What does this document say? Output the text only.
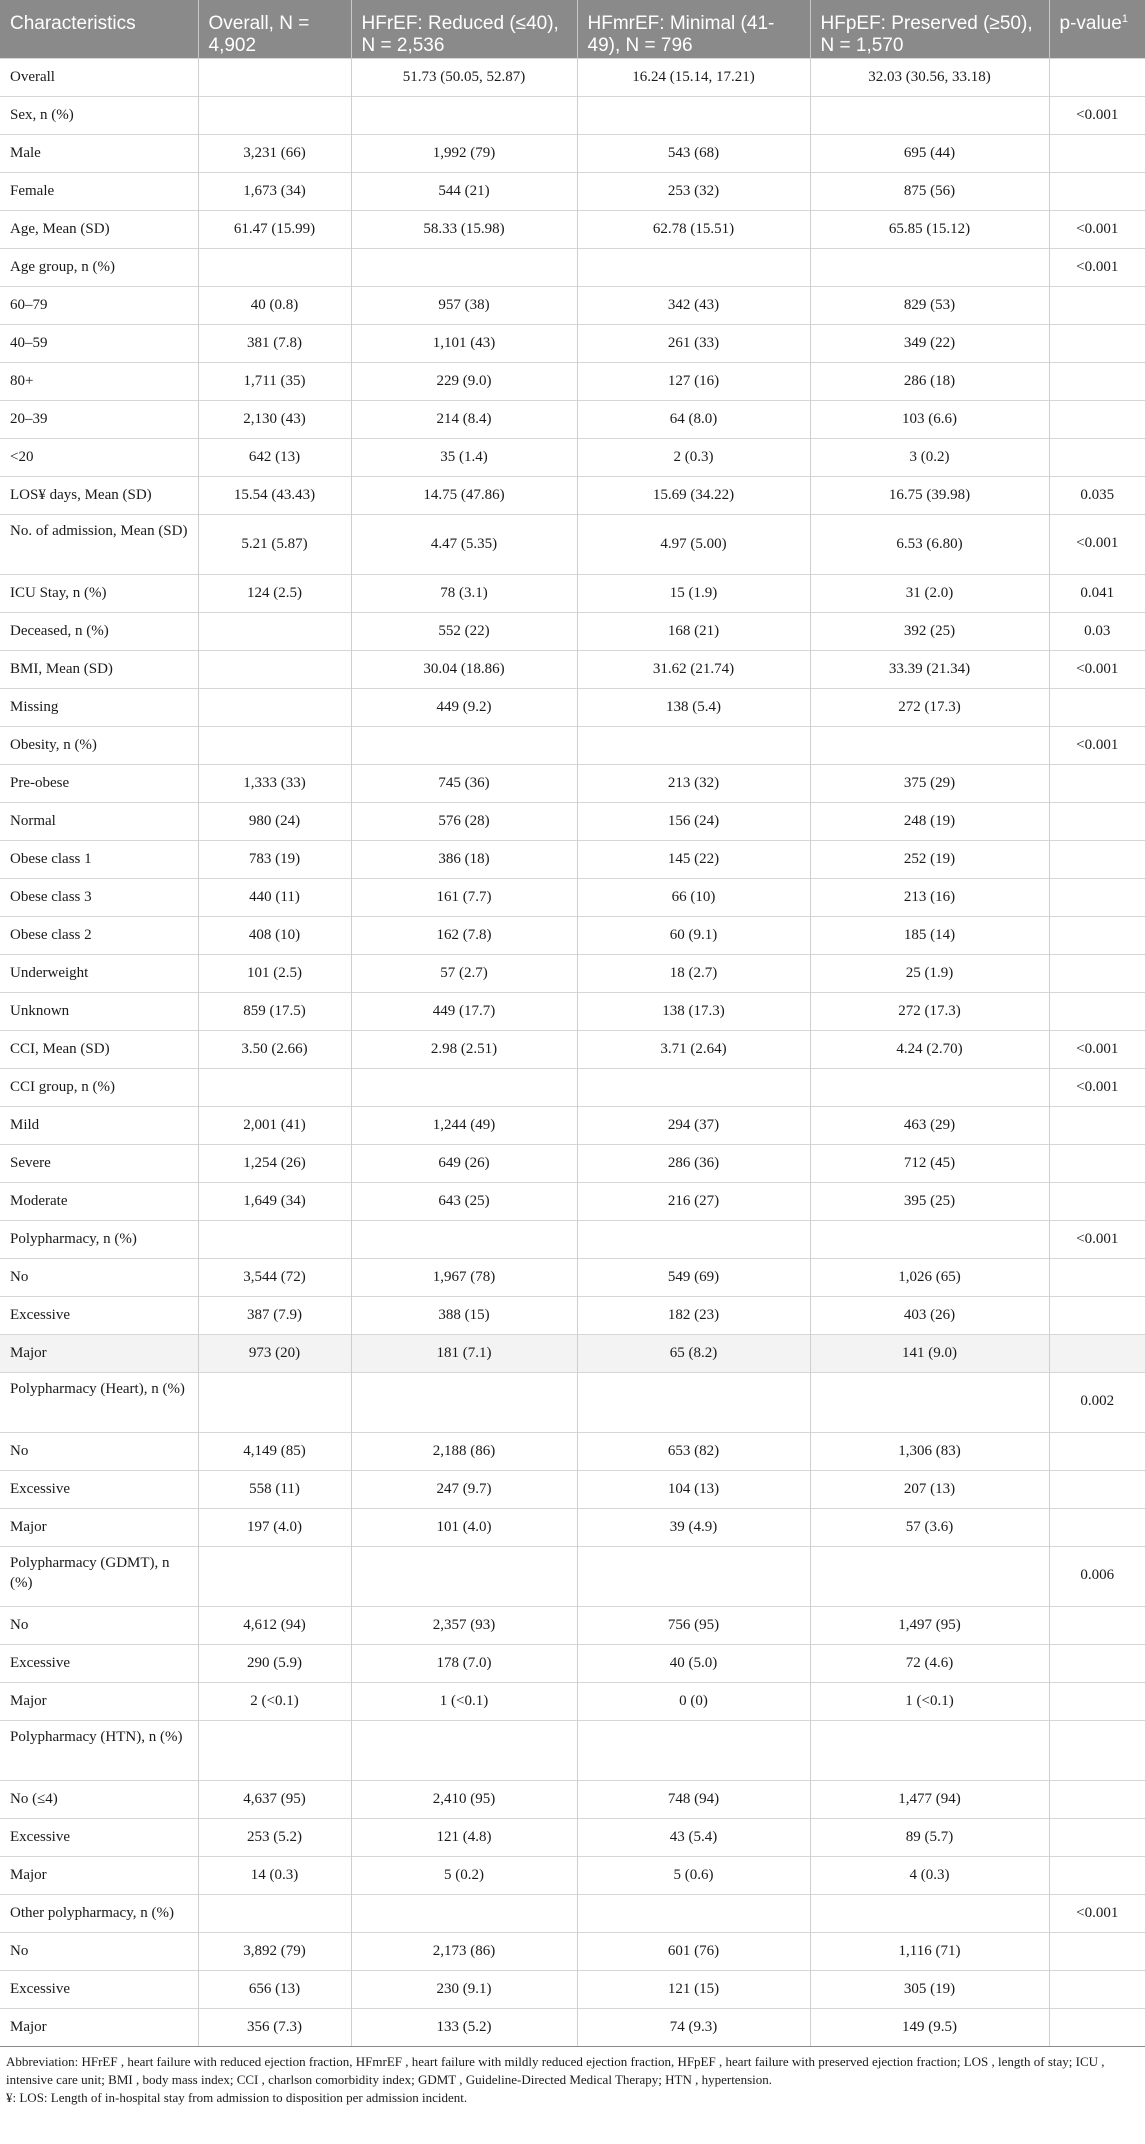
Characteristics	Overall, N = 4,902	HFrEF: Reduced (≤40), N = 2,536	HFmrEF: Minimal (41-49), N = 796	HFpEF: Preserved (≥50), N = 1,570	p-value$^1$
Overall		51.73 (50.05, 52.87)	16.24 (15.14, 17.21)	32.03 (30.56, 33.18)	
Sex, n (%)					<0.001
Male	3,231 (66)	1,992 (79)	543 (68)	695 (44)	
Female	1,673 (34)	544 (21)	253 (32)	875 (56)	
Age, Mean (SD)	61.47 (15.99)	58.33 (15.98)	62.78 (15.51)	65.85 (15.12)	<0.001
Age group, n (%)					<0.001
60–79	40 (0.8)	957 (38)	342 (43)	829 (53)	
40–59	381 (7.8)	1,101 (43)	261 (33)	349 (22)	
80+	1,711 (35)	229 (9.0)	127 (16)	286 (18)	
20–39	2,130 (43)	214 (8.4)	64 (8.0)	103 (6.6)	
<20	642 (13)	35 (1.4)	2 (0.3)	3 (0.2)	
LOS¥ days, Mean (SD)	15.54 (43.43)	14.75 (47.86)	15.69 (34.22)	16.75 (39.98)	0.035
No. of admission, Mean (SD)	5.21 (5.87)	4.47 (5.35)	4.97 (5.00)	6.53 (6.80)	<0.001
ICU Stay, n (%)	124 (2.5)	78 (3.1)	15 (1.9)	31 (2.0)	0.041
Deceased, n (%)		552 (22)	168 (21)	392 (25)	0.03
BMI, Mean (SD)		30.04 (18.86)	31.62 (21.74)	33.39 (21.34)	<0.001
Missing		449 (9.2)	138 (5.4)	272 (17.3)	
Obesity, n (%)					<0.001
Pre-obese	1,333 (33)	745 (36)	213 (32)	375 (29)	
Normal	980 (24)	576 (28)	156 (24)	248 (19)	
Obese class 1	783 (19)	386 (18)	145 (22)	252 (19)	
Obese class 3	440 (11)	161 (7.7)	66 (10)	213 (16)	
Obese class 2	408 (10)	162 (7.8)	60 (9.1)	185 (14)	
Underweight	101 (2.5)	57 (2.7)	18 (2.7)	25 (1.9)	
Unknown	859 (17.5)	449 (17.7)	138 (17.3)	272 (17.3)	
CCI, Mean (SD)	3.50 (2.66)	2.98 (2.51)	3.71 (2.64)	4.24 (2.70)	<0.001
CCI group, n (%)					<0.001
Mild	2,001 (41)	1,244 (49)	294 (37)	463 (29)	
Severe	1,254 (26)	649 (26)	286 (36)	712 (45)	
Moderate	1,649 (34)	643 (25)	216 (27)	395 (25)	
Polypharmacy, n (%)					<0.001
No	3,544 (72)	1,967 (78)	549 (69)	1,026 (65)	
Excessive	387 (7.9)	388 (15)	182 (23)	403 (26)	
Major	973 (20)	181 (7.1)	65 (8.2)	141 (9.0)	
Polypharmacy (Heart), n (%)					0.002
No	4,149 (85)	2,188 (86)	653 (82)	1,306 (83)	
Excessive	558 (11)	247 (9.7)	104 (13)	207 (13)	
Major	197 (4.0)	101 (4.0)	39 (4.9)	57 (3.6)	
Polypharmacy (GDMT), n (%)					0.006
No	4,612 (94)	2,357 (93)	756 (95)	1,497 (95)	
Excessive	290 (5.9)	178 (7.0)	40 (5.0)	72 (4.6)	
Major	2 (<0.1)	1 (<0.1)	0 (0)	1 (<0.1)	
Polypharmacy (HTN), n (%)					
No (≤4)	4,637 (95)	2,410 (95)	748 (94)	1,477 (94)	
Excessive	253 (5.2)	121 (4.8)	43 (5.4)	89 (5.7)	
Major	14 (0.3)	5 (0.2)	5 (0.6)	4 (0.3)	
Other polypharmacy, n (%)					<0.001
No	3,892 (79)	2,173 (86)	601 (76)	1,116 (71)	
Excessive	656 (13)	230 (9.1)	121 (15)	305 (19)	
Major	356 (7.3)	133 (5.2)	74 (9.3)	149 (9.5)	

Abbreviation: HFrEF , heart failure with reduced ejection fraction, HFmrEF , heart failure with mildly reduced ejection fraction, HFpEF , heart failure with preserved ejection fraction; LOS , length of stay; ICU , intensive care unit; BMI , body mass index; CCI , charlson comorbidity index; GDMT , Guideline-Directed Medical Therapy; HTN , hypertension.

¥: LOS: Length of in-hospital stay from admission to disposition per admission incident.
